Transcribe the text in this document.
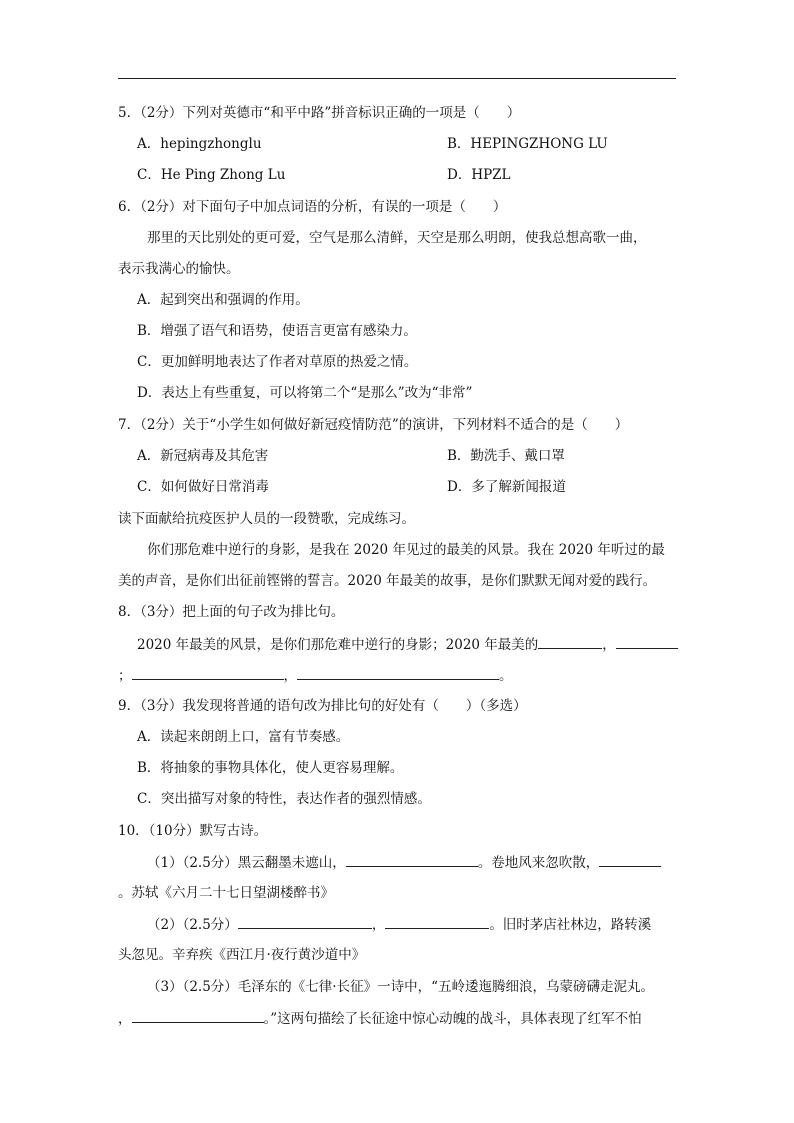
5．（2分）下列对英德市“和平中路”拼音标识正确的一项是（　　）
A．hepingzhonglu	B．HEPINGZHONG LU
C．He Ping Zhong Lu	D．HPZL
6．（2分）对下面句子中加点词语的分析，有误的一项是（　　）
那里的天比别处的更可爱，空气是那么清鲜，天空是那么明朗，使我总想高歌一曲，
表示我满心的愉快。
A．起到突出和强调的作用。
B．增强了语气和语势，使语言更富有感染力。
C．更加鲜明地表达了作者对草原的热爱之情。
D．表达上有些重复，可以将第二个“是那么”改为“非常”
7．（2分）关于“小学生如何做好新冠疫情防范”的演讲，下列材料不适合的是（　　）
A．新冠病毒及其危害	B．勤洗手、戴口罩
C．如何做好日常消毒	D．多了解新闻报道
读下面献给抗疫医护人员的一段赞歌，完成练习。
你们那危难中逆行的身影，是我在 2020 年见过的最美的风景。我在 2020 年听过的最
美的声音，是你们出征前铿锵的誓言。2020 年最美的故事，是你们默默无闻对爱的践行。
8．（3分）把上面的句子改为排比句。
2020 年最美的风景，是你们那危难中逆行的身影；2020 年最美的	，
；	，	。
9．（3分）我发现将普通的语句改为排比句的好处有（　　）（多选）
A．读起来朗朗上口，富有节奏感。
B．将抽象的事物具体化，使人更容易理解。
C．突出描写对象的特性，表达作者的强烈情感。
10．（10分）默写古诗。
（1）（2.5分）黑云翻墨未遮山，	。卷地风来忽吹散，
。苏轼《六月二十七日望湖楼醉书》
（2）（2.5分）	，	。旧时茅店社林边，路转溪
头忽见。辛弃疾《西江月·夜行黄沙道中》
（3）（2.5分）毛泽东的《七律·长征》一诗中，“五岭逶迤腾细浪，乌蒙磅礴走泥丸。
，	。”这两句描绘了长征途中惊心动魄的战斗，具体表现了红军不怕
